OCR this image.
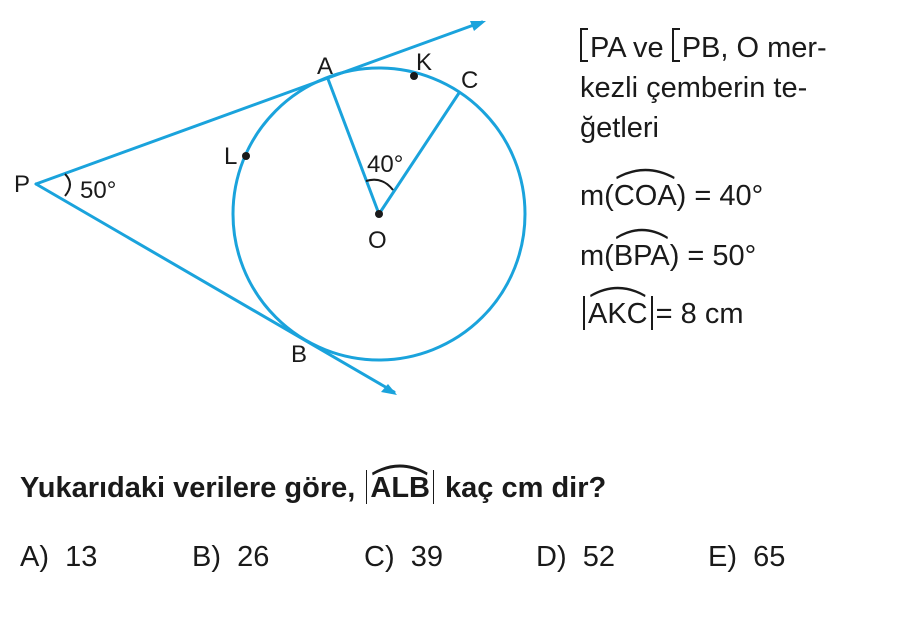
P
A	K
C
L
O
B
50°
40°
PA ve PB, O mer-
kezli çemberin te-
ğetleri
m(
COA) = 40°
m(
BPA) = 50°
AKC = 8 cm
Yukarıdaki verilere göre, ALB kaç cm dir?
A) 13	B) 26	C) 39	D) 52	E) 65
